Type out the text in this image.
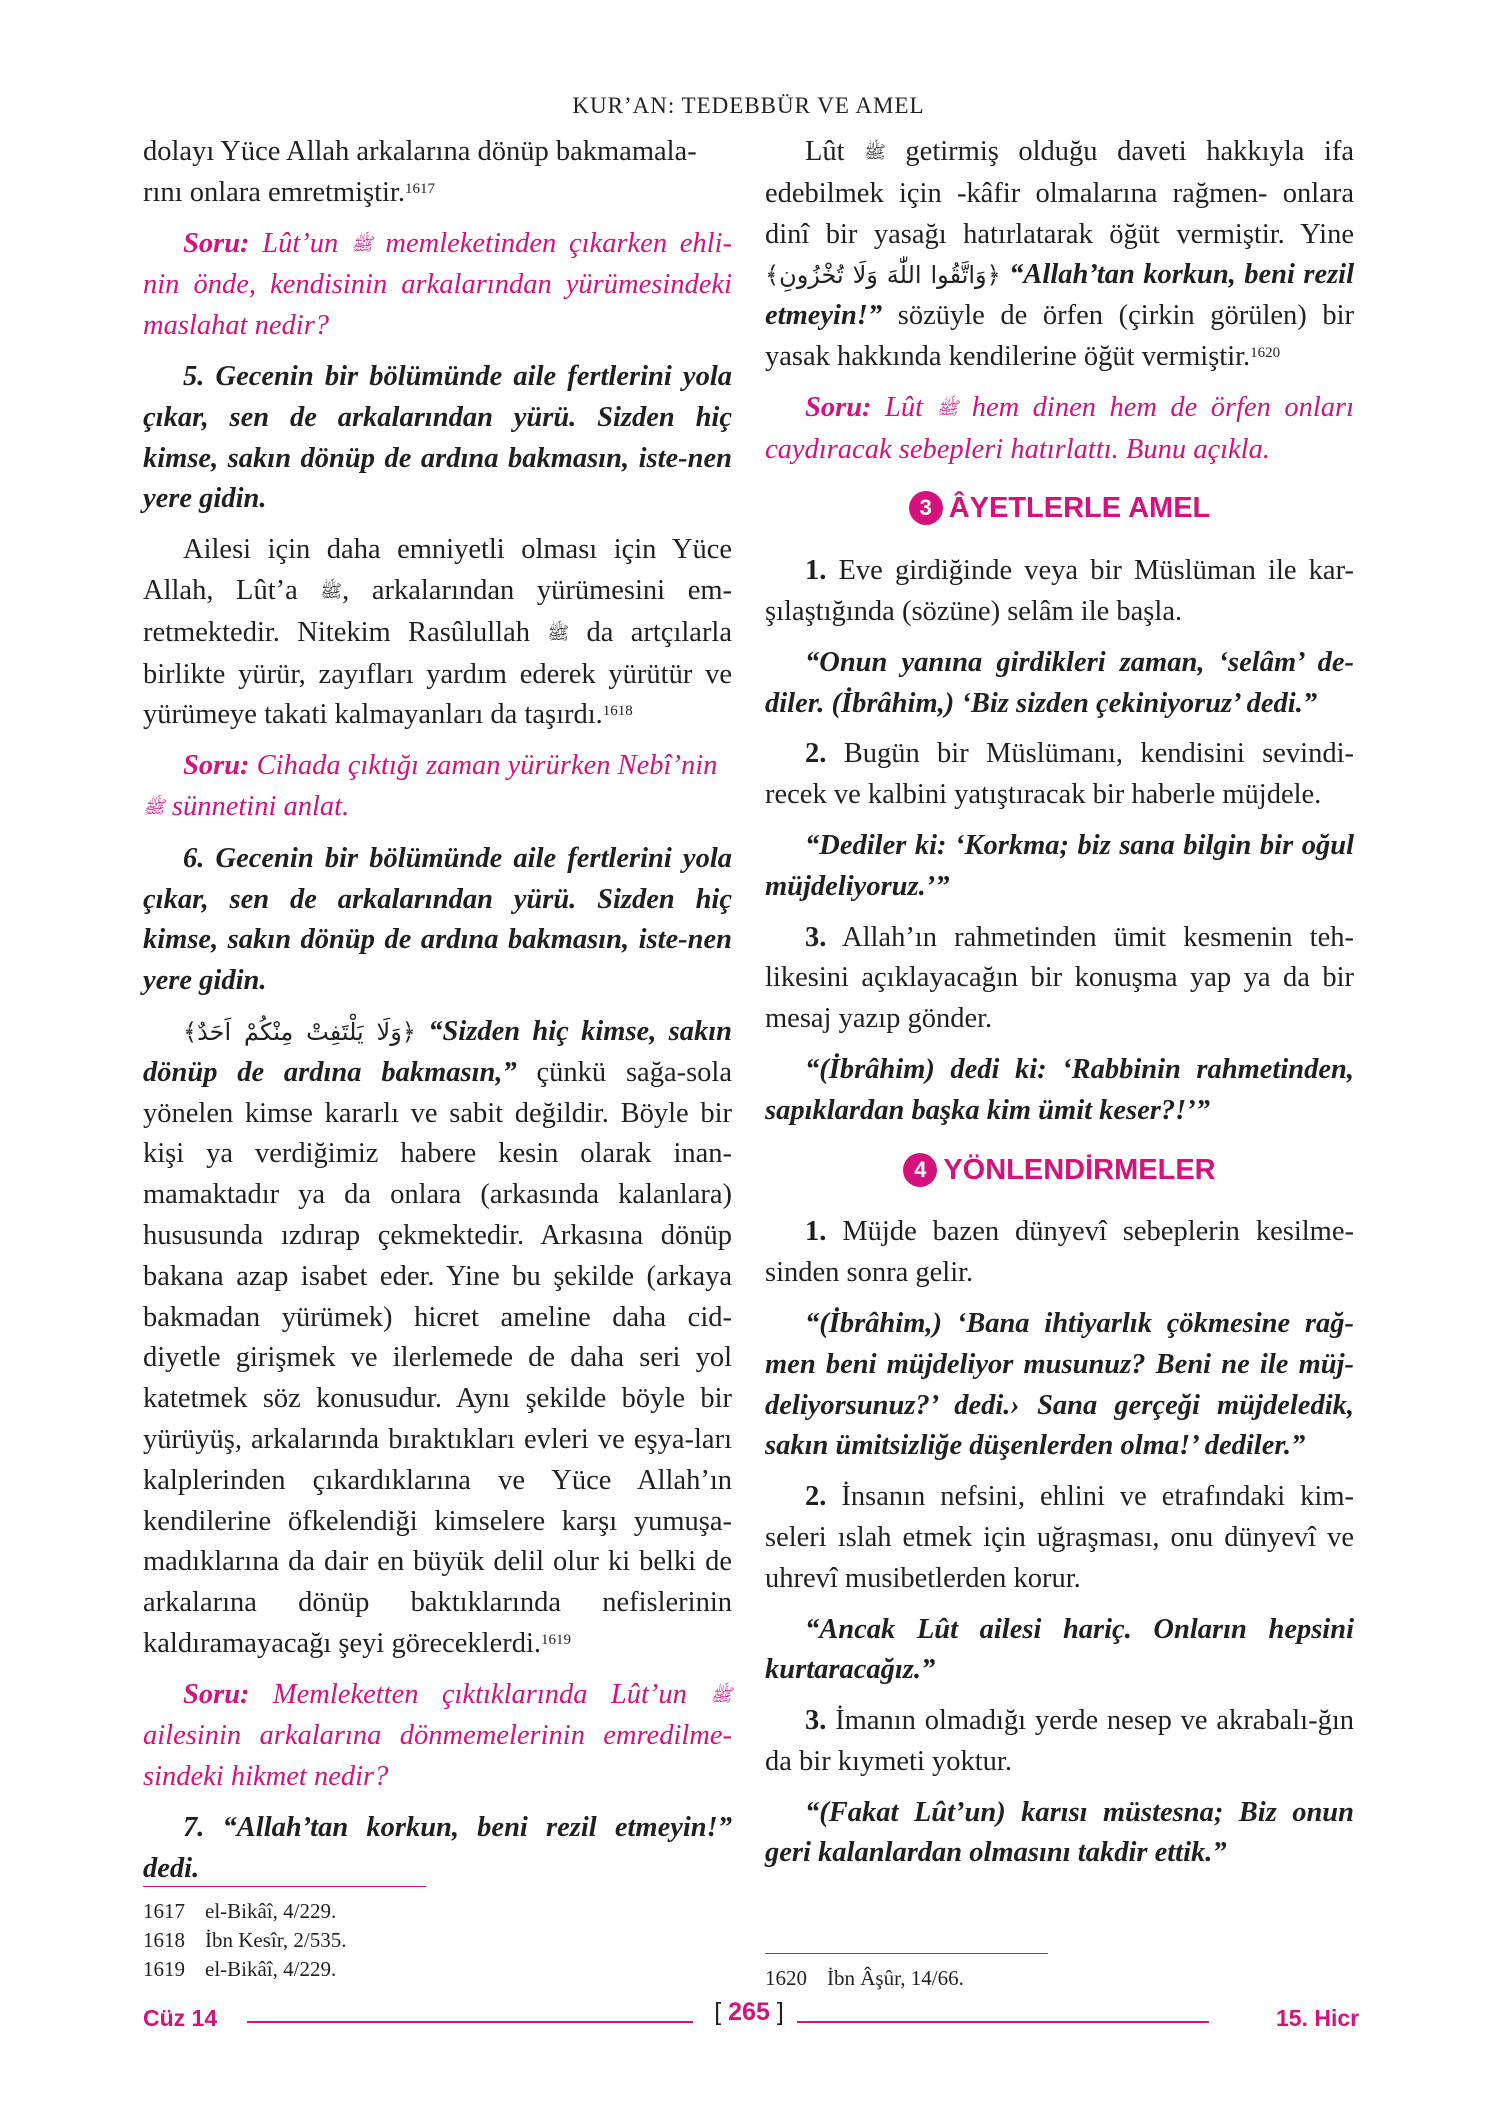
KUR’AN: TEDEBBÜR VE AMEL

dolayı Yüce Allah arkalarına dönüp bakmamala-
rını onlara emretmiştir.$^{1617}$

Soru: Lût’un ﷺ memleketinden çıkarken ehli-nin önde, kendisinin arkalarından yürümesindeki maslahat nedir?

5. Gecenin bir bölümünde aile fertlerini yola çıkar, sen de arkalarından yürü. Sizden hiç kimse, sakın dönüp de ardına bakmasın, iste-nen yere gidin.

Ailesi için daha emniyetli olması için Yüce Allah, Lût’a ﷺ, arkalarından yürümesini em-retmektedir. Nitekim Rasûlullah ﷺ da artçılarla birlikte yürür, zayıfları yardım ederek yürütür ve yürümeye takati kalmayanları da taşırdı.$^{1618}$

Soru: Cihada çıktığı zaman yürürken Nebî’nin
ﷺ sünnetini anlat.

6. Gecenin bir bölümünde aile fertlerini yola çıkar, sen de arkalarından yürü. Sizden hiç kimse, sakın dönüp de ardına bakmasın, iste-nen yere gidin.

﴿وَلَا يَلْتَفِتْ مِنْكُمْ اَحَدٌ﴾ “Sizden hiç kimse, sakın dönüp de ardına bakmasın,” çünkü sağa-sola yönelen kimse kararlı ve sabit değildir. Böyle bir kişi ya verdiğimiz habere kesin olarak inan-mamaktadır ya da onlara (arkasında kalanlara) hususunda ızdırap çekmektedir. Arkasına dönüp bakana azap isabet eder. Yine bu şekilde (arkaya bakmadan yürümek) hicret ameline daha cid-diyetle girişmek ve ilerlemede de daha seri yol katetmek söz konusudur. Aynı şekilde böyle bir yürüyüş, arkalarında bıraktıkları evleri ve eşya-ları kalplerinden çıkardıklarına ve Yüce Allah’ın kendilerine öfkelendiği kimselere karşı yumuşa-madıklarına da dair en büyük delil olur ki belki de arkalarına dönüp baktıklarında nefislerinin kaldıramayacağı şeyi göreceklerdi.$^{1619}$

Soru: Memleketten çıktıklarında Lût’un ﷺ ailesinin arkalarına dönmemelerinin emredilme-sindeki hikmet nedir?

7. “Allah’tan korkun, beni rezil etmeyin!” dedi.

Lût ﷺ getirmiş olduğu daveti hakkıyla ifa edebilmek için -kâfir olmalarına rağmen- onlara dinî bir yasağı hatırlatarak öğüt vermiştir. Yine ﴿وَاتَّقُوا اللّٰهَ وَلَا تُخْزُونِ﴾ “Allah’tan korkun, beni rezil etmeyin!” sözüyle de örfen (çirkin görülen) bir yasak hakkında kendilerine öğüt vermiştir.$^{1620}$

Soru: Lût ﷺ hem dinen hem de örfen onları caydıracak sebepleri hatırlattı. Bunu açıkla.

3 ÂYETLERLE AMEL

1. Eve girdiğinde veya bir Müslüman ile kar-şılaştığında (sözüne) selâm ile başla.

“Onun yanına girdikleri zaman, ‘selâm’ de-diler. (İbrâhim,) ‘Biz sizden çekiniyoruz’ dedi.”

2. Bugün bir Müslümanı, kendisini sevindi-recek ve kalbini yatıştıracak bir haberle müjdele.

“Dediler ki: ‘Korkma; biz sana bilgin bir oğul müjdeliyoruz.’”

3. Allah’ın rahmetinden ümit kesmenin teh-likesini açıklayacağın bir konuşma yap ya da bir mesaj yazıp gönder.

“(İbrâhim) dedi ki: ‘Rabbinin rahmetinden, sapıklardan başka kim ümit keser?!’”

4 YÖNLENDİRMELER

1. Müjde bazen dünyevî sebeplerin kesilme-sinden sonra gelir.

“(İbrâhim,) ‘Bana ihtiyarlık çökmesine rağ-men beni müjdeliyor musunuz? Beni ne ile müj-deliyorsunuz?’ dedi.› Sana gerçeği müjdeledik, sakın ümitsizliğe düşenlerden olma!’ dediler.”

2. İnsanın nefsini, ehlini ve etrafındaki kim-seleri ıslah etmek için uğraşması, onu dünyevî ve uhrevî musibetlerden korur.

“Ancak Lût ailesi hariç. Onların hepsini kurtaracağız.”

3. İmanın olmadığı yerde nesep ve akrabalı-ğın da bir kıymeti yoktur.

“(Fakat Lût’un) karısı müstesna; Biz onun geri kalanlardan olmasını takdir ettik.”

1617 el-Bikâî, 4/229.
1618 İbn Kesîr, 2/535.
1619 el-Bikâî, 4/229.	1620 İbn Âşûr, 14/66.
Cüz 14	[ 265 ]	15. Hicr
